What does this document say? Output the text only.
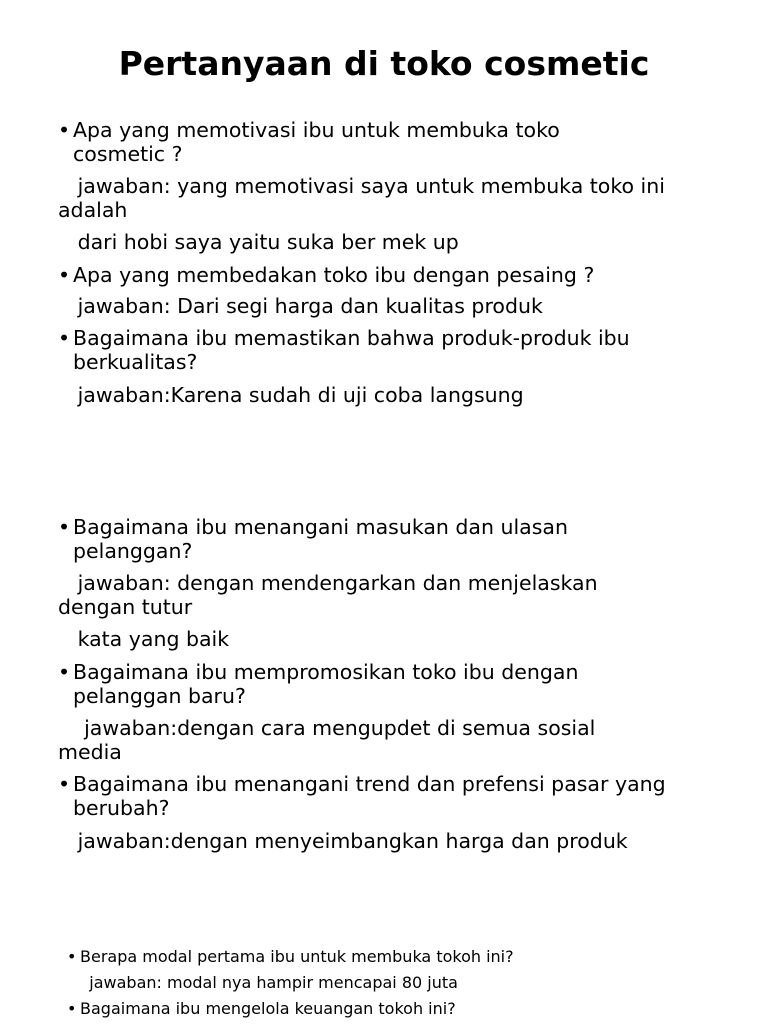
Pertanyaan di toko cosmetic
• Apa yang memotivasi ibu untuk membuka toko cosmetic ?
jawaban: yang memotivasi saya untuk membuka toko ini adalah
dari hobi saya yaitu suka ber mek up
• Apa yang membedakan toko ibu dengan pesaing ?
jawaban: Dari segi harga dan kualitas produk
• Bagaimana ibu memastikan bahwa produk-produk ibu berkualitas?
jawaban:Karena sudah di uji coba langsung
• Bagaimana ibu menangani masukan dan ulasan pelanggan?
jawaban: dengan mendengarkan dan menjelaskan dengan tutur
kata yang baik
• Bagaimana ibu mempromosikan toko ibu dengan pelanggan baru?
jawaban:dengan cara mengupdet di semua sosial media
• Bagaimana ibu menangani trend dan prefensi pasar yang berubah?
jawaban:dengan menyeimbangkan harga dan produk
• Berapa modal pertama ibu untuk membuka tokoh ini?
jawaban: modal nya hampir mencapai 80 juta
• Bagaimana ibu mengelola keuangan tokoh ini?
